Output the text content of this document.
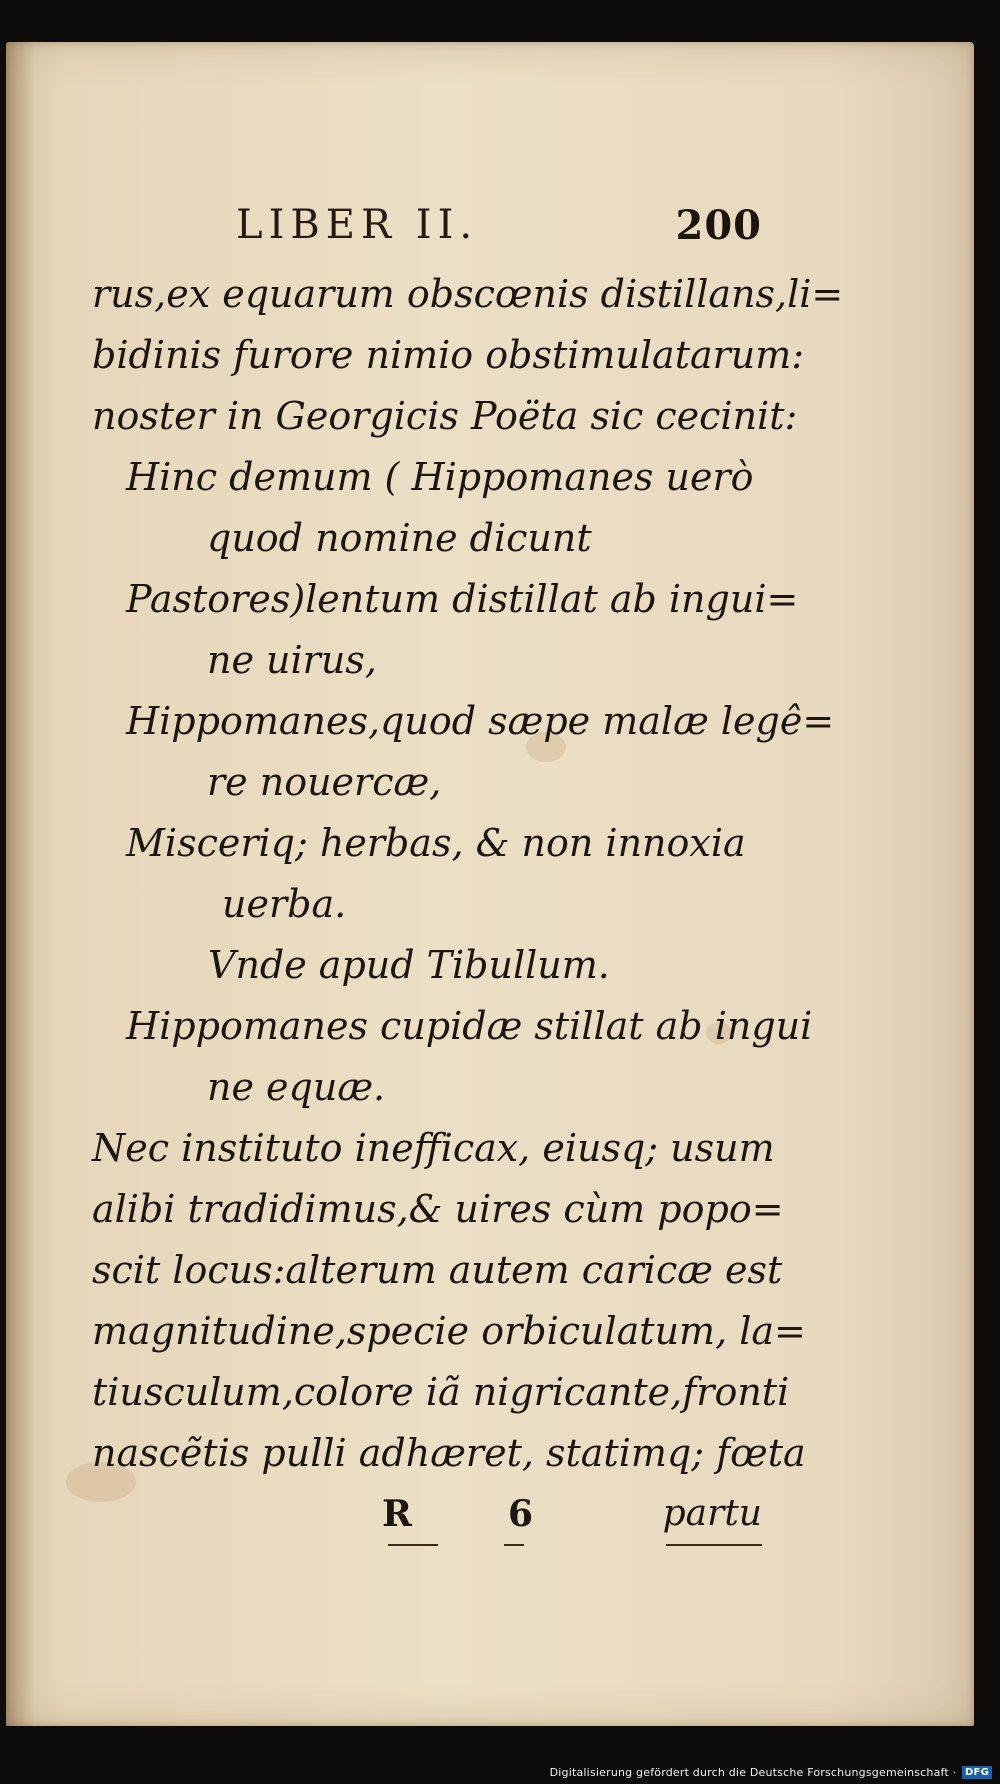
LIBER II.	200
rus,ex equarum obscœnis distillans,li=
bidinis furore nimio obstimulatarum:
noster in Georgicis Poëta sic cecinit:
Hinc demum ( Hippomanes uerò
quod nomine dicunt
Pastores)lentum distillat ab ingui=
ne uirus,
Hippomanes,quod sæpe malæ legê=
re nouercæ,
Misceriq; herbas, & non innoxia
uerba.
Vnde apud Tibullum.
Hippomanes cupidæ stillat ab ingui
ne equæ.
Nec instituto inefficax, eiusq; usum
alibi tradidimus,& uires cùm popo=
scit locus:alterum autem caricæ est
magnitudine,specie orbiculatum, la=
tiusculum,colore iã nigricante,fronti
nascẽtis pulli adhæret, statimq; fœta
R	6	partu
Digitalisierung gefördert durch die Deutsche Forschungsgemeinschaft · DFG
